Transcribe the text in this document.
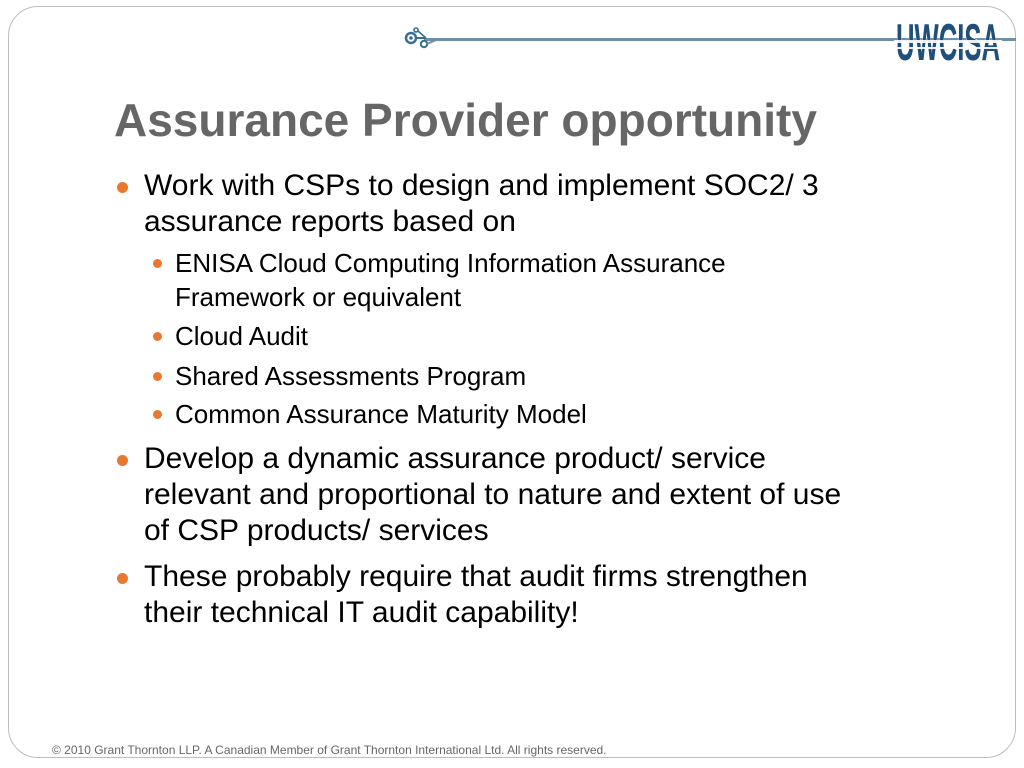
Assurance Provider opportunity
Work with CSPs to design and implement SOC2/ 3
assurance reports based on
ENISA Cloud Computing Information Assurance
Framework or equivalent
Cloud Audit
Shared Assessments Program
Common Assurance Maturity Model
Develop a dynamic assurance product/ service
relevant and proportional to nature and extent of use
of CSP products/ services
These probably require that audit firms strengthen
their technical IT audit capability!
© 2010 Grant Thornton LLP. A Canadian Member of Grant Thornton International Ltd. All rights reserved.
